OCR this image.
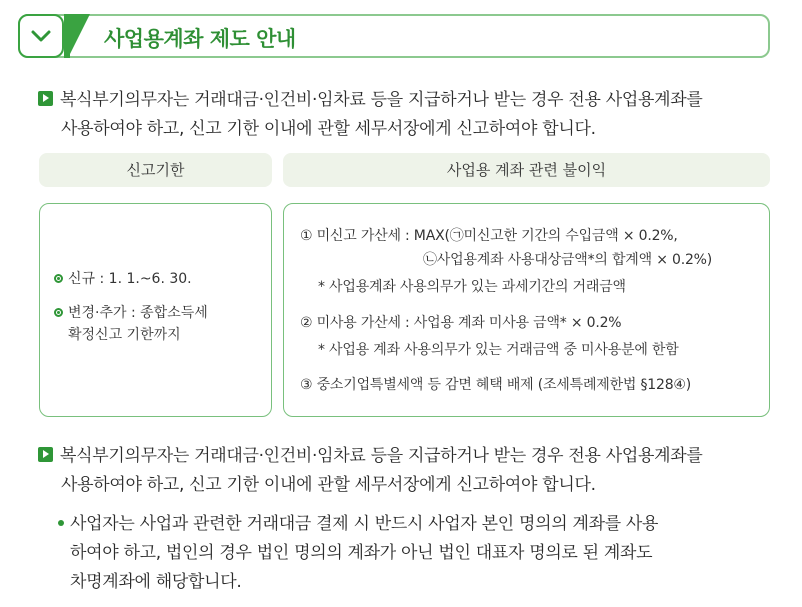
사업용계좌 제도 안내
복식부기의무자는 거래대금·인건비·임차료 등을 지급하거나 받는 경우 전용 사업용계좌를
사용하여야 하고, 신고 기한 이내에 관할 세무서장에게 신고하여야 합니다.
신고기한	사업용 계좌 관련 불이익
신규 : 1. 1.~6. 30.
변경·추가 : 종합소득세
확정신고 기한까지
① 미신고 가산세 : MAX(㉠미신고한 기간의 수입금액 × 0.2%,
㉡사업용계좌 사용대상금액*의 합계액 × 0.2%)
* 사업용계좌 사용의무가 있는 과세기간의 거래금액
② 미사용 가산세 : 사업용 계좌 미사용 금액* × 0.2%
* 사업용 계좌 사용의무가 있는 거래금액 중 미사용분에 한함
③ 중소기업특별세액 등 감면 혜택 배제 (조세특례제한법 §128④)
복식부기의무자는 거래대금·인건비·임차료 등을 지급하거나 받는 경우 전용 사업용계좌를
사용하여야 하고, 신고 기한 이내에 관할 세무서장에게 신고하여야 합니다.
사업자는 사업과 관련한 거래대금 결제 시 반드시 사업자 본인 명의의 계좌를 사용
하여야 하고, 법인의 경우 법인 명의의 계좌가 아닌 법인 대표자 명의로 된 계좌도
차명계좌에 해당합니다.
